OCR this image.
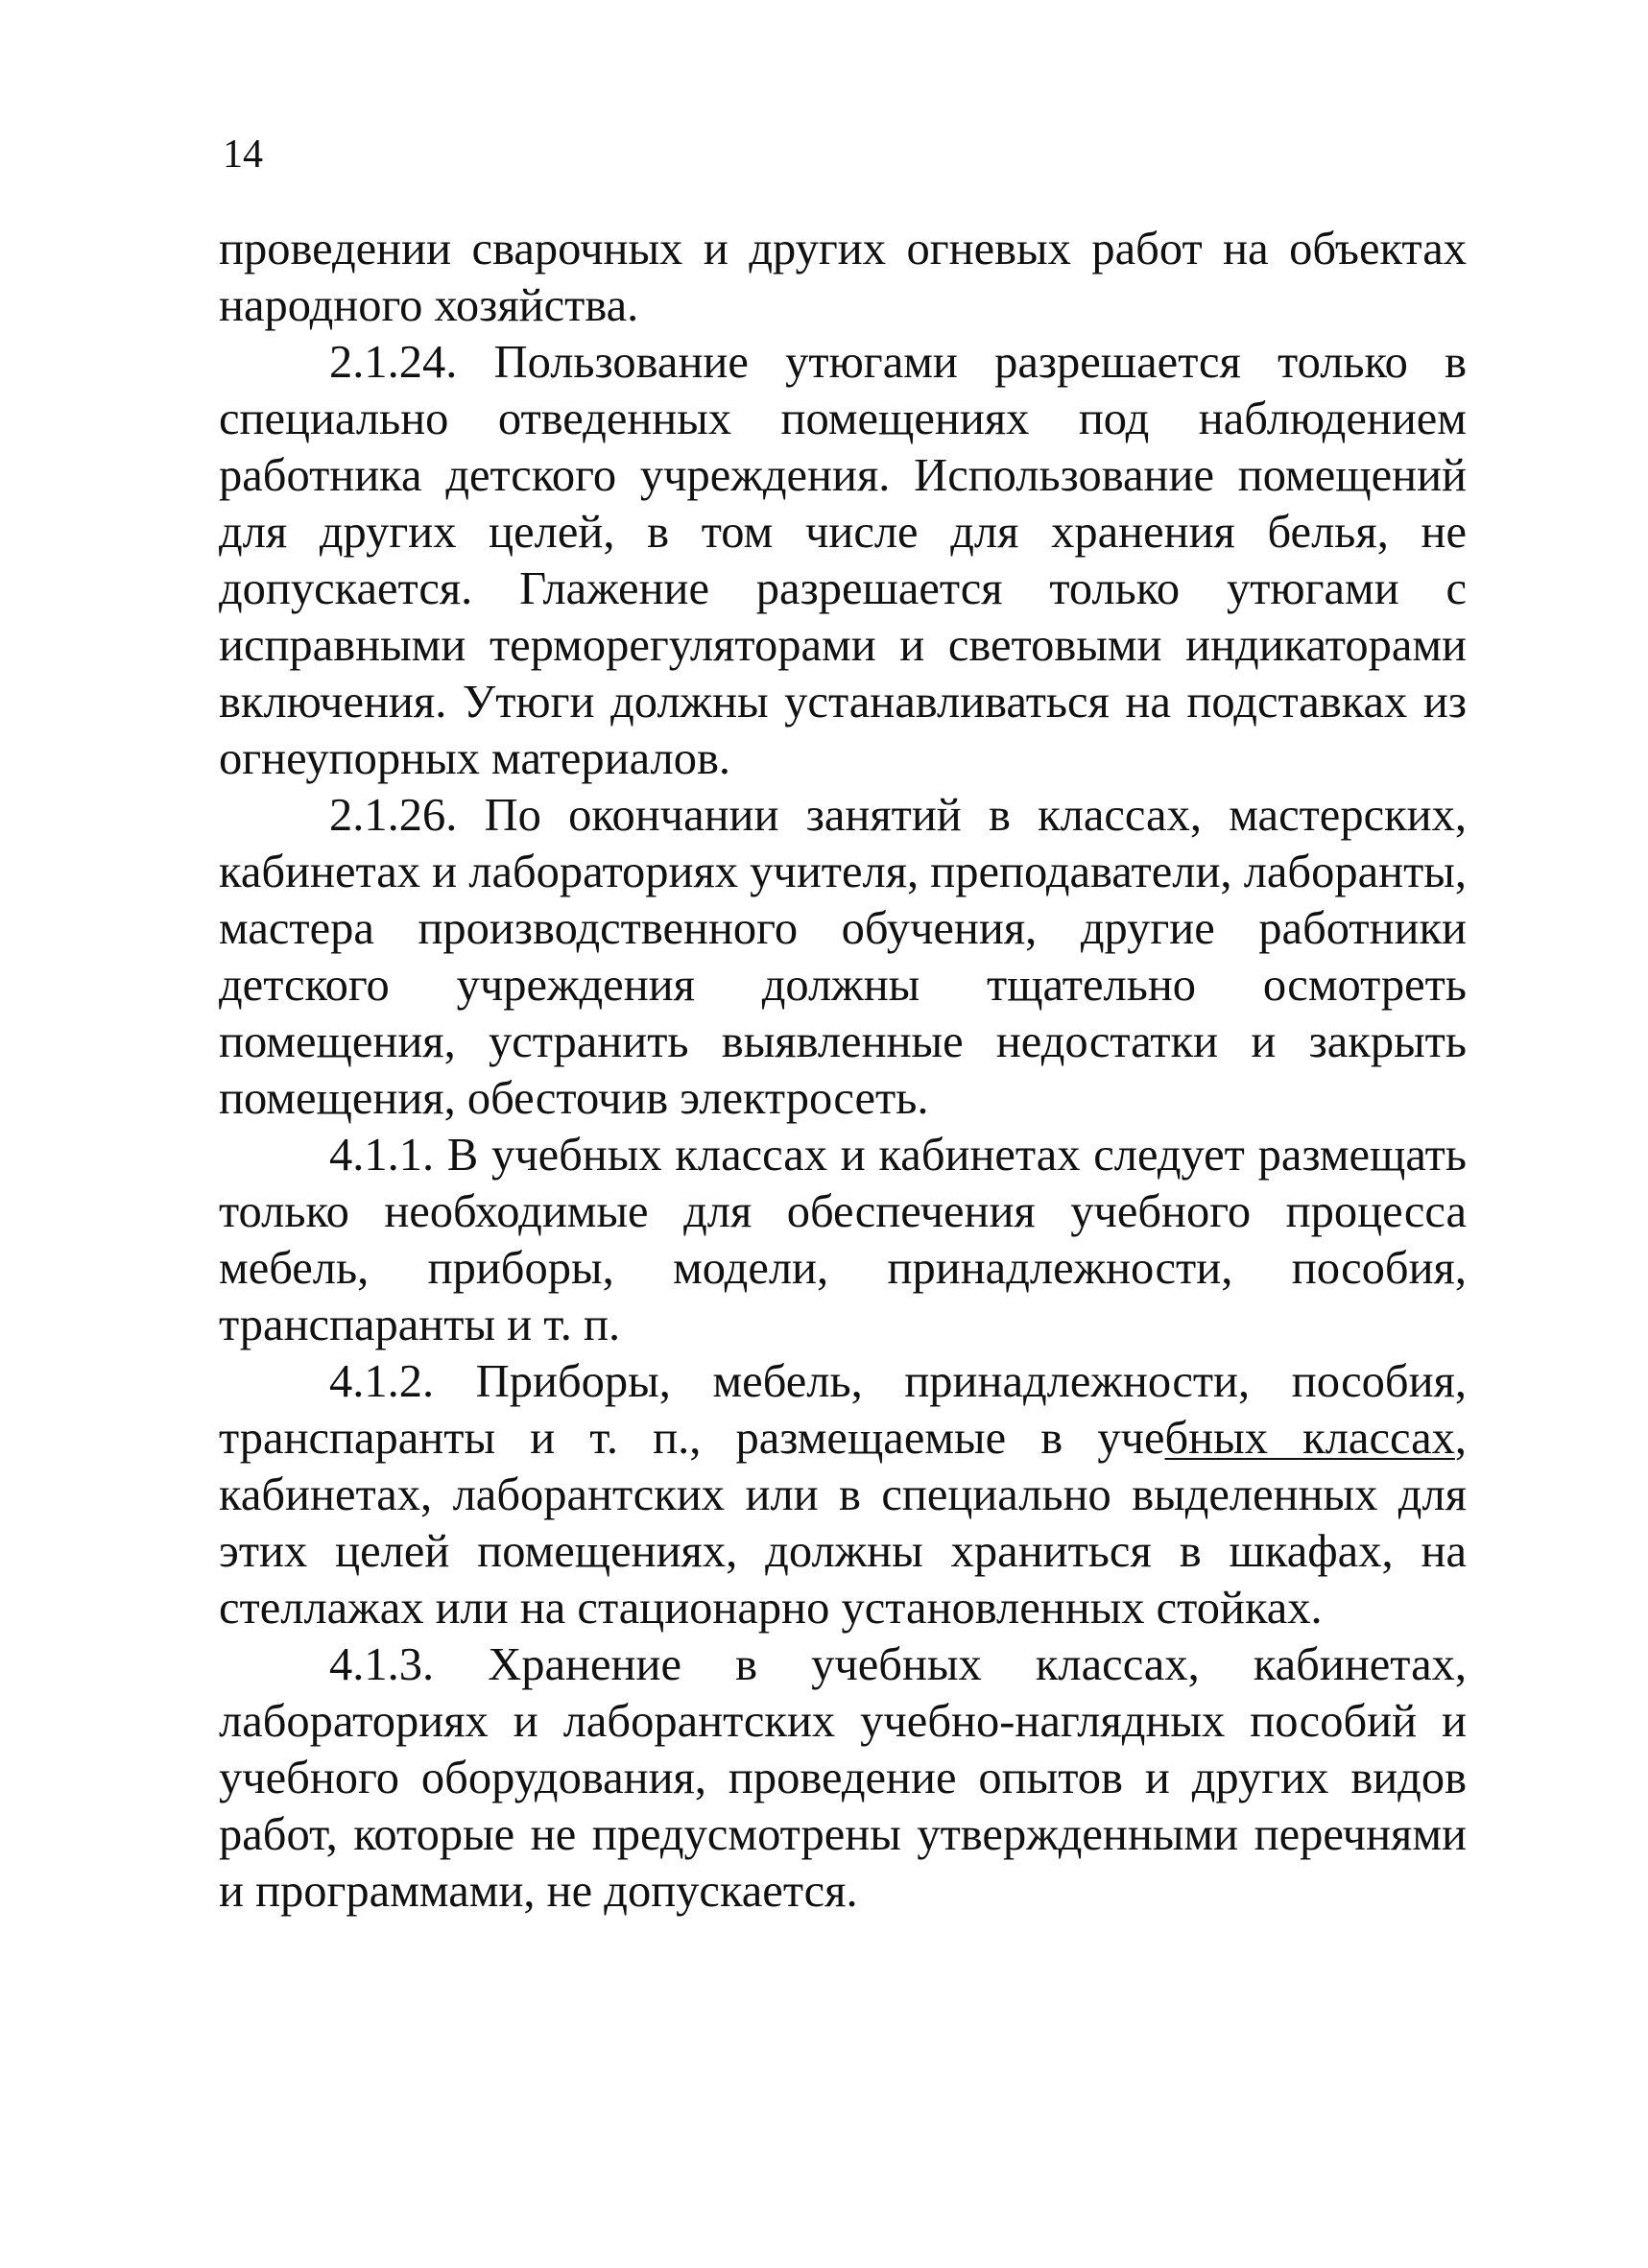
14

проведении сварочных и других огневых работ на объектах народного хозяйства.

2.1.24. Пользование утюгами разрешается только в специально отведенных помещениях под наблюдением работника детского учреждения. Использование помещений для других целей, в том числе для хранения белья, не допускается. Глажение разрешается только утюгами с исправными терморегуляторами и световыми индикаторами включения. Утюги должны устанавливаться на подставках из огнеупорных материалов.

2.1.26. По окончании занятий в классах, мастерских, кабинетах и лабораториях учителя, преподаватели, лаборанты, мастера производственного обучения, другие работники детского учреждения должны тщательно осмотреть помещения, устранить выявленные недостатки и закрыть помещения, обесточив электросеть.

4.1.1. В учебных классах и кабинетах следует размещать только необходимые для обеспечения учебного процесса мебель, приборы, модели, принадлежности, пособия, транспаранты и т. п.

4.1.2. Приборы, мебель, принадлежности, пособия, транспаранты и т. п., размещаемые в учебных классах, кабинетах, лаборантских или в специально выделенных для этих целей помещениях, должны храниться в шкафах, на стеллажах или на стационарно установленных стойках.

4.1.3. Хранение в учебных классах, кабинетах, лабораториях и лаборантских учебно-наглядных пособий и учебного оборудования, проведение опытов и других видов работ, которые не предусмотрены утвержденными перечнями и программами, не допускается.
